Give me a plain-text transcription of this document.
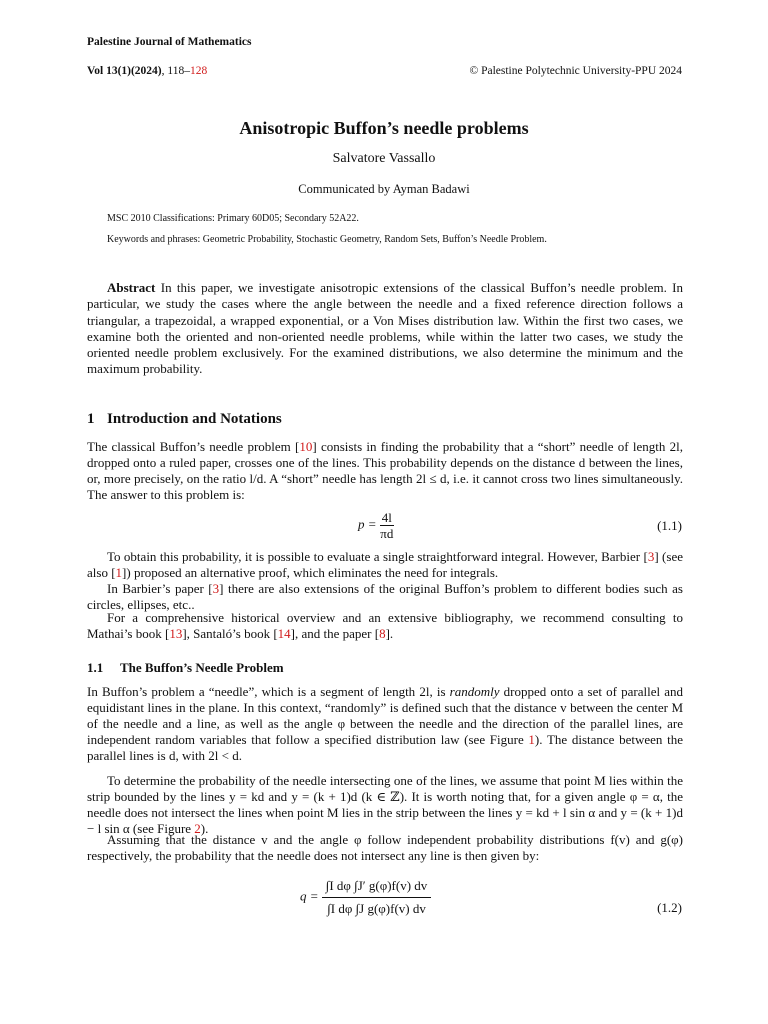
Palestine Journal of Mathematics
Vol 13(1)(2024), 118–128	© Palestine Polytechnic University-PPU 2024
Anisotropic Buffon’s needle problems
Salvatore Vassallo
Communicated by Ayman Badawi
MSC 2010 Classifications: Primary 60D05; Secondary 52A22.
Keywords and phrases: Geometric Probability, Stochastic Geometry, Random Sets, Buffon’s Needle Problem.
Abstract In this paper, we investigate anisotropic extensions of the classical Buffon’s needle problem. In particular, we study the cases where the angle between the needle and a fixed reference direction follows a triangular, a trapezoidal, a wrapped exponential, or a Von Mises distribution law. Within the first two cases, we examine both the oriented and non-oriented needle problems, while within the latter two cases, we study the oriented needle problem exclusively. For the examined distributions, we also determine the minimum and the maximum probability.
1 Introduction and Notations
The classical Buffon’s needle problem [10] consists in finding the probability that a “short” needle of length 2l, dropped onto a ruled paper, crosses one of the lines. This probability depends on the distance d between the lines, or, more precisely, on the ratio l/d. A “short” needle has length 2l ≤ d, i.e. it cannot cross two lines simultaneously. The answer to this problem is:
$p = \frac{4l}{\pi d}$	(1.1)
To obtain this probability, it is possible to evaluate a single straightforward integral. However, Barbier [3] (see also [1]) proposed an alternative proof, which eliminates the need for integrals.
In Barbier’s paper [3] there are also extensions of the original Buffon’s problem to different bodies such as circles, ellipses, etc..
For a comprehensive historical overview and an extensive bibliography, we recommend consulting to Mathai’s book [13], Santaló’s book [14], and the paper [8].
1.1 The Buffon’s Needle Problem
In Buffon’s problem a “needle”, which is a segment of length 2l, is randomly dropped onto a set of parallel and equidistant lines in the plane. In this context, “randomly” is defined such that the distance v between the center M of the needle and a line, as well as the angle φ between the needle and the direction of the parallel lines, are independent random variables that follow a specified distribution law (see Figure 1). The distance between the parallel lines is d, with 2l < d.
To determine the probability of the needle intersecting one of the lines, we assume that point M lies within the strip bounded by the lines y = kd and y = (k + 1)d (k ∈ ℤ). It is worth noting that, for a given angle φ = α, the needle does not intersect the lines when point M lies in the strip between the lines y = kd + l sin α and y = (k + 1)d − l sin α (see Figure 2).
Assuming that the distance v and the angle φ follow independent probability distributions f(v) and g(φ) respectively, the probability that the needle does not intersect any line is then given by:
$q = \frac{\text{∫I dφ ∫J′ g(φ)f(v) dv}}{\text{∫I dφ ∫J g(φ)f(v) dv}}$	(1.2)
